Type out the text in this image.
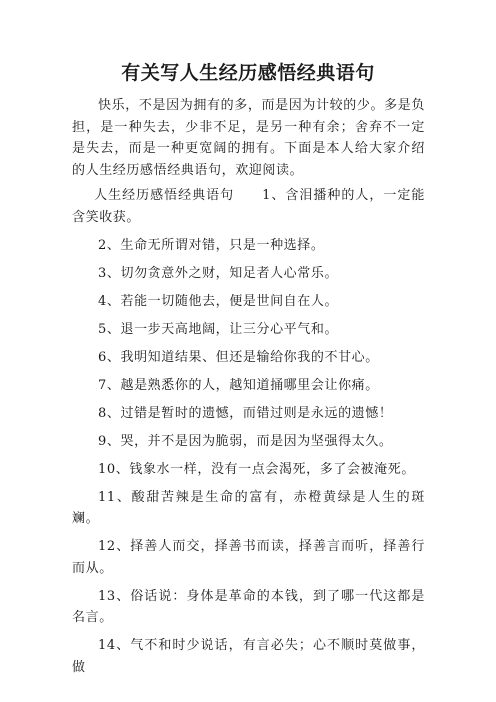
有关写人生经历感悟经典语句

快乐，不是因为拥有的多，而是因为计较的少。多是负担，是一种失去，少非不足，是另一种有余；舍弃不一定是失去，而是一种更宽阔的拥有。下面是本人给大家介绍的人生经历感悟经典语句，欢迎阅读。

人生经历感悟经典语句 1、含泪播种的人，一定能含笑收获。

2、生命无所谓对错，只是一种选择。

3、切勿贪意外之财，知足者人心常乐。

4、若能一切随他去，便是世间自在人。

5、退一步天高地阔，让三分心平气和。

6、我明知道结果、但还是输给你我的不甘心。

7、越是熟悉你的人，越知道捅哪里会让你痛。

8、过错是暂时的遗憾，而错过则是永远的遗憾！

9、哭，并不是因为脆弱，而是因为坚强得太久。

10、钱象水一样，没有一点会渴死，多了会被淹死。

11、酸甜苦辣是生命的富有，赤橙黄绿是人生的斑斓。

12、择善人而交，择善书而读，择善言而听，择善行而从。

13、俗话说：身体是革命的本钱，到了哪一代这都是名言。

14、气不和时少说话，有言必失；心不顺时莫做事，做
